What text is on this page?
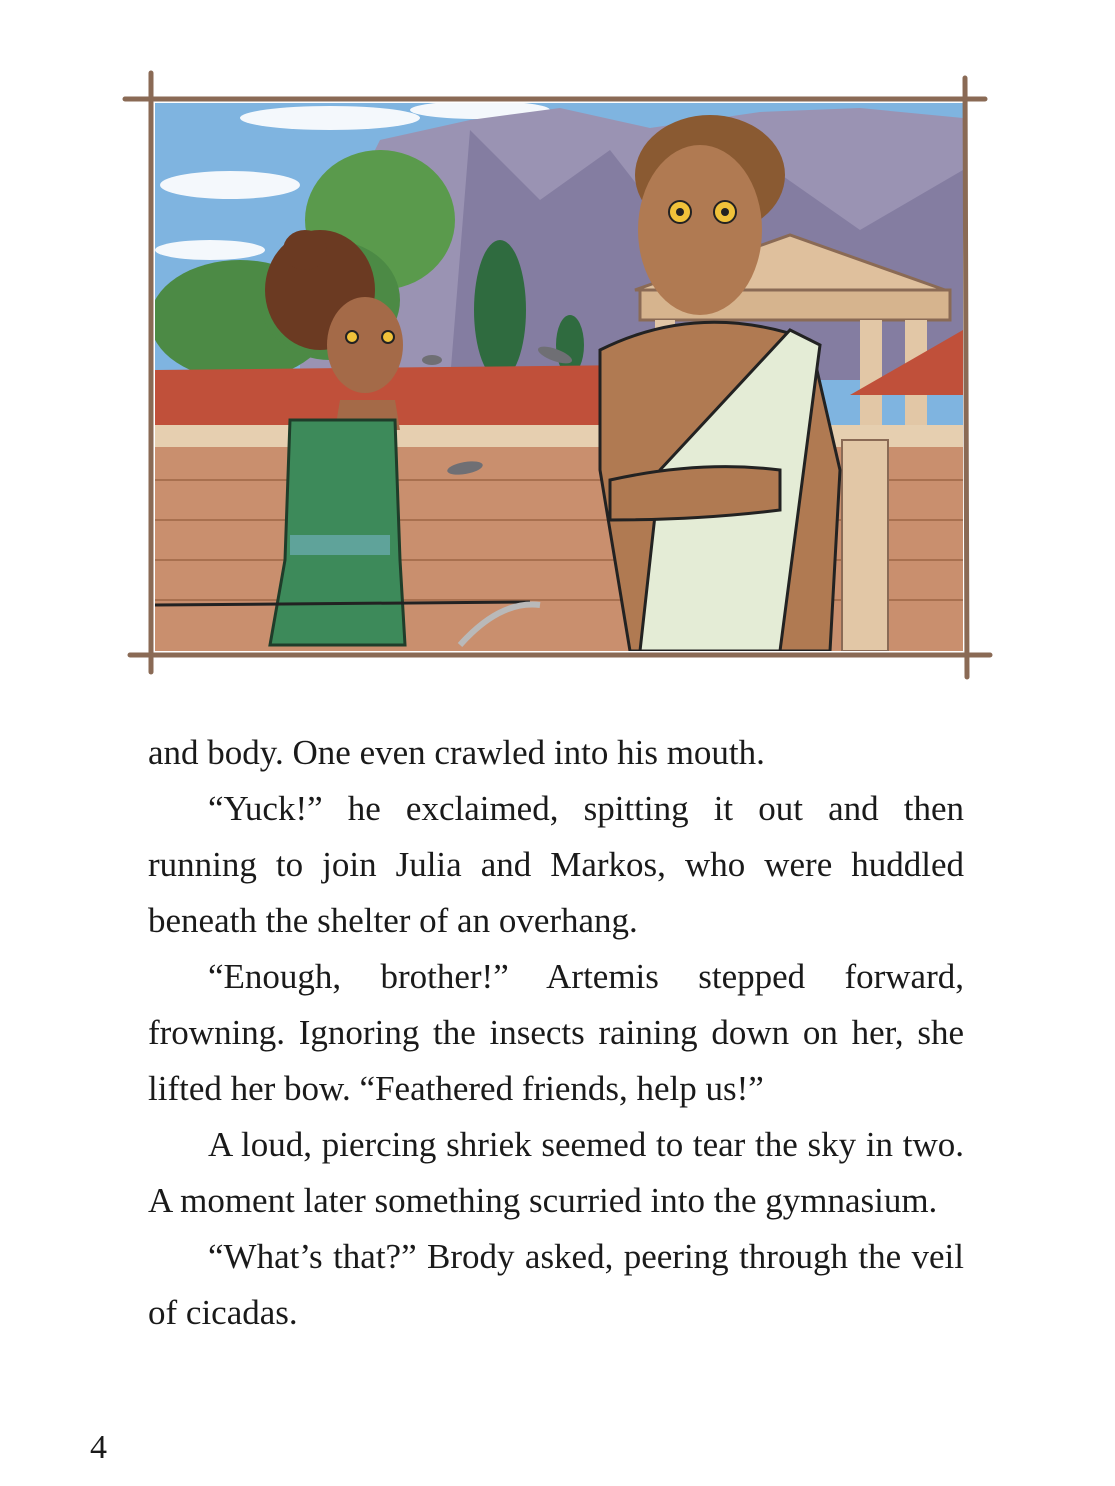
and body. One even crawled into his mouth.

“Yuck!” he exclaimed, spitting it out and then running to join Julia and Markos, who were huddled beneath the shelter of an overhang.

“Enough, brother!” Artemis stepped forward, frowning. Ignoring the insects raining down on her, she lifted her bow. “Feathered friends, help us!”

A loud, piercing shriek seemed to tear the sky in two. A moment later something scurried into the gymnasium.

“What’s that?” Brody asked, peering through the veil of cicadas.

4
